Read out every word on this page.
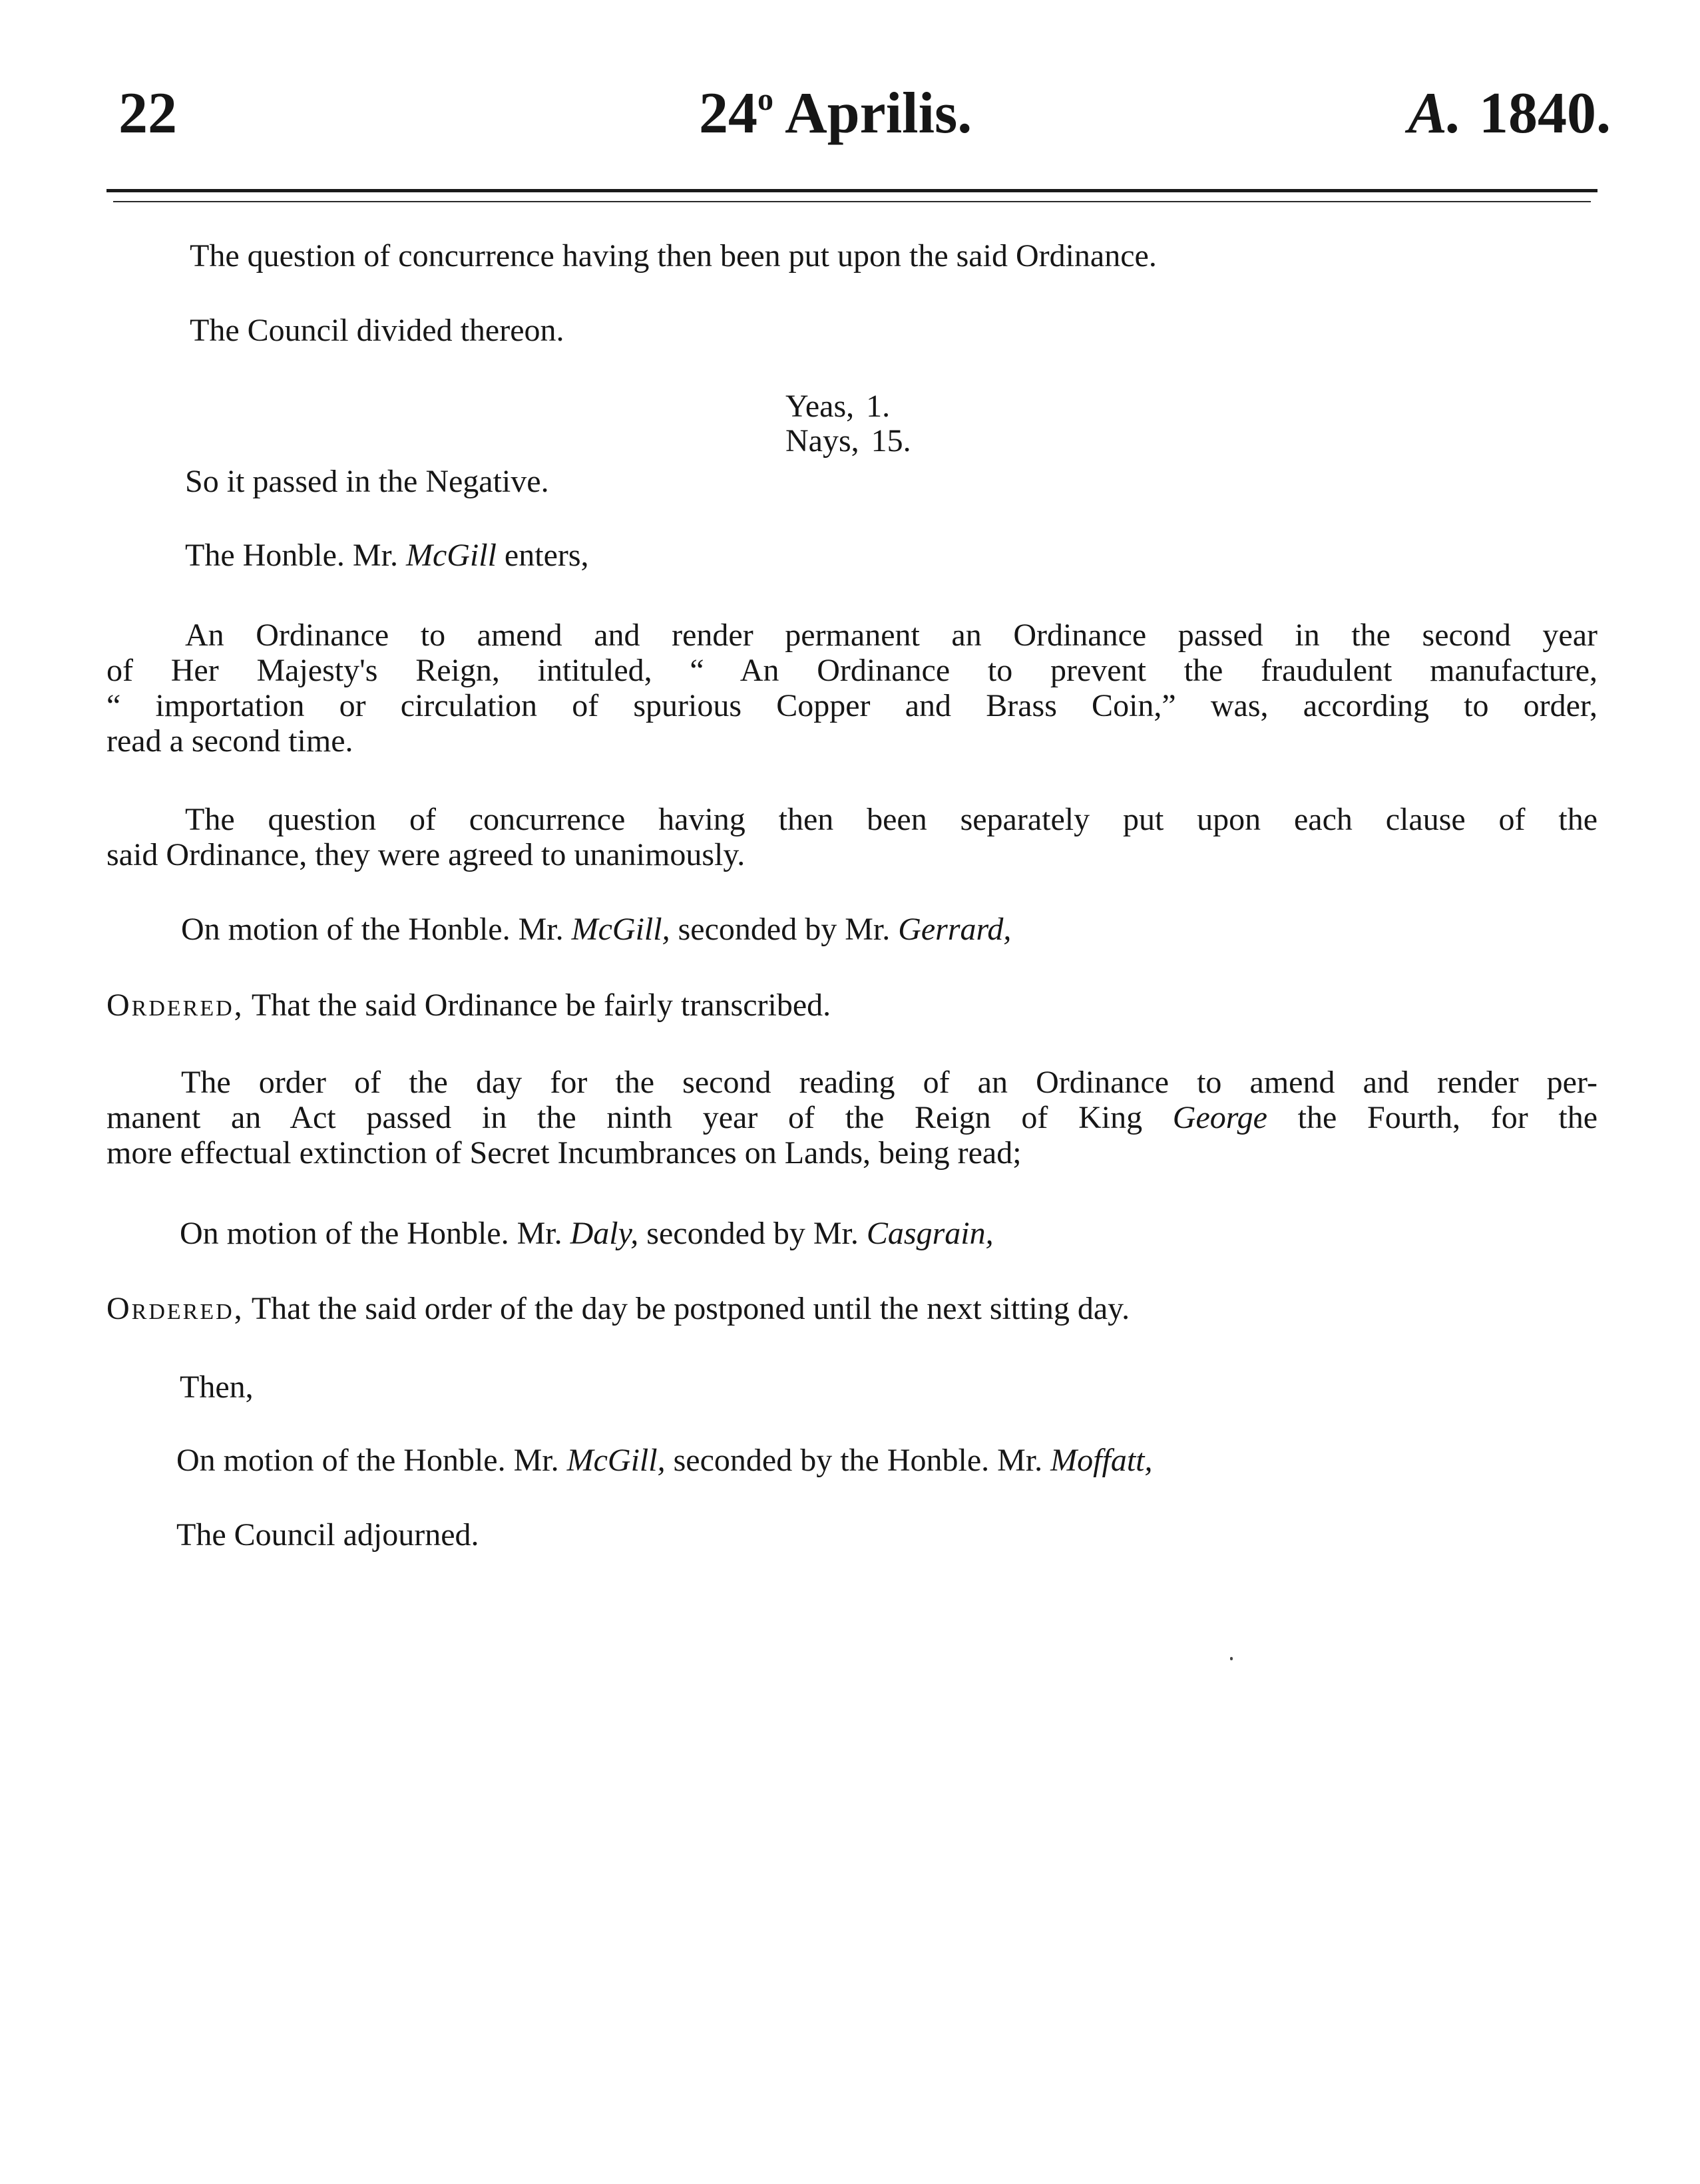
22	24$^o$ Aprilis.	A. 1840.

The question of concurrence having then been put upon the said Ordinance.

The Council divided thereon.

Yeas, 1.
Nays, 15.

So it passed in the Negative.

The Honble. Mr. McGill enters,

An Ordinance to amend and render permanent an Ordinance passed in the second year
of Her Majesty's Reign, intituled, “ An Ordinance to prevent the fraudulent manufacture,
“ importation or circulation of spurious Copper and Brass Coin,” was, according to order,
read a second time.
The question of concurrence having then been separately put upon each clause of the
said Ordinance, they were agreed to unanimously.

On motion of the Honble. Mr. McGill, seconded by Mr. Gerrard,

Ordered, That the said Ordinance be fairly transcribed.

The order of the day for the second reading of an Ordinance to amend and render per-
manent an Act passed in the ninth year of the Reign of King George the Fourth, for the
more effectual extinction of Secret Incumbrances on Lands, being read;

On motion of the Honble. Mr. Daly, seconded by Mr. Casgrain,

Ordered, That the said order of the day be postponed until the next sitting day.

Then,

On motion of the Honble. Mr. McGill, seconded by the Honble. Mr. Moffatt,

The Council adjourned.
